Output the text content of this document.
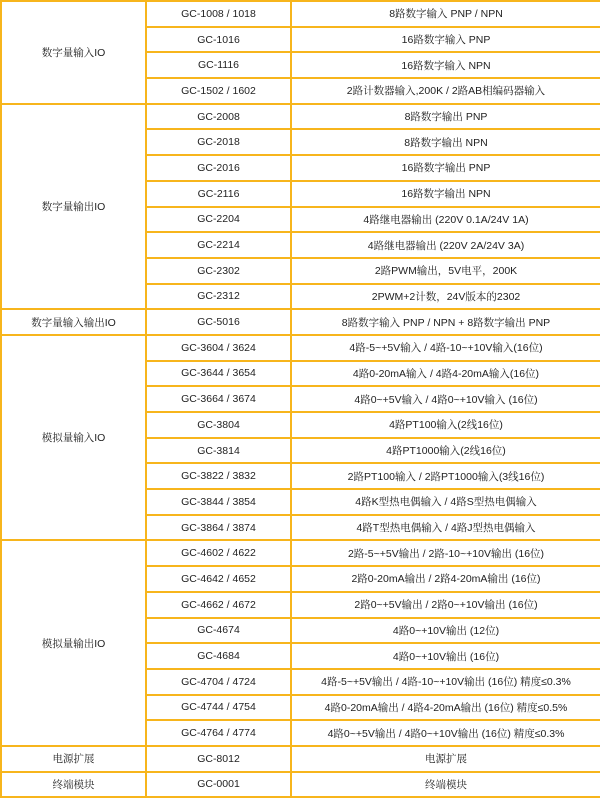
数字量输入IO	GC-1008 / 1018	8路数字输入 PNP / NPN
	GC-1016	16路数字输入 PNP
	GC-1116	16路数字输入 NPN
	GC-1502 / 1602	2路计数器输入,200K / 2路AB相编码器输入
数字量输出IO	GC-2008	8路数字输出 PNP
	GC-2018	8路数字输出 NPN
	GC-2016	16路数字输出 PNP
	GC-2116	16路数字输出 NPN
	GC-2204	4路继电器输出 (220V 0.1A/24V 1A)
	GC-2214	4路继电器输出 (220V 2A/24V 3A)
	GC-2302	2路PWM输出，5V电平，200K
	GC-2312	2PWM+2计数，24V版本的2302
数字量输入输出IO	GC-5016	8路数字输入 PNP / NPN + 8路数字输出 PNP
模拟量输入IO	GC-3604 / 3624	4路-5~+5V输入 / 4路-10~+10V输入(16位)
	GC-3644 / 3654	4路0-20mA输入 / 4路4-20mA输入(16位)
	GC-3664 / 3674	4路0~+5V输入 / 4路0~+10V输入 (16位)
	GC-3804	4路PT100输入(2线16位)
	GC-3814	4路PT1000输入(2线16位)
	GC-3822 / 3832	2路PT100输入 / 2路PT1000输入(3线16位)
	GC-3844 / 3854	4路K型热电偶输入 / 4路S型热电偶输入
	GC-3864 / 3874	4路T型热电偶输入 / 4路J型热电偶输入
模拟量输出IO	GC-4602 / 4622	2路-5~+5V输出 / 2路-10~+10V输出 (16位)
	GC-4642 / 4652	2路0-20mA输出 / 2路4-20mA输出 (16位)
	GC-4662 / 4672	2路0~+5V输出 / 2路0~+10V输出 (16位)
	GC-4674	4路0~+10V输出 (12位)
	GC-4684	4路0~+10V输出 (16位)
	GC-4704 / 4724	4路-5~+5V输出 / 4路-10~+10V输出 (16位) 精度≤0.3%
	GC-4744 / 4754	4路0-20mA输出 / 4路4-20mA输出 (16位) 精度≤0.5%
	GC-4764 / 4774	4路0~+5V输出 / 4路0~+10V输出 (16位) 精度≤0.3%
电源扩展	GC-8012	电源扩展
终端模块	GC-0001	终端模块
